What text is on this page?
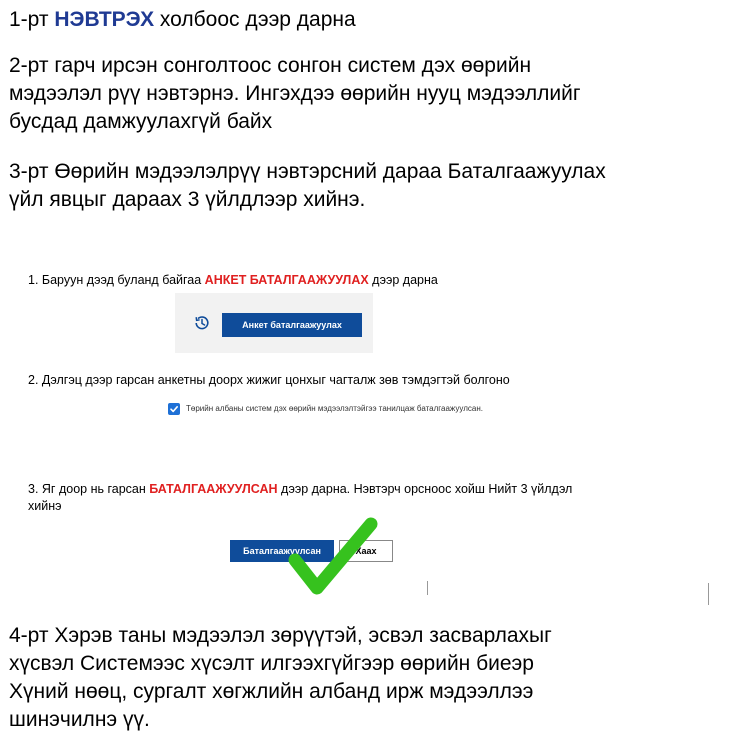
1-рт НЭВТРЭХ холбоос дээр дарна
2-рт гарч ирсэн сонголтоос сонгон систем дэх өөрийн
мэдээлэл рүү нэвтэрнэ. Ингэхдээ өөрийн нууц мэдээллийг
бусдад дамжуулахгүй байх
3-рт Өөрийн мэдээлэлрүү нэвтэрсний дараа Баталгаажуулах
үйл явцыг дараах 3 үйлдлээр хийнэ.
1. Баруун дээд буланд байгаа АНКЕТ БАТАЛГААЖУУЛАХ дээр дарна
Анкет баталгаажуулах
2. Дэлгэц дээр гарсан анкетны доорх жижиг цонхыг чагталж зөв тэмдэгтэй болгоно
Төрийн албаны систем дэх өөрийн мэдээлэлтэйгээ танилцаж баталгаажуулсан.
3. Яг доор нь гарсан БАТАЛГААЖУУЛСАН дээр дарна. Нэвтэрч орсноос хойш Нийт 3 үйлдэл
хийнэ
Баталгаажуулсан	Хаах
4-рт Хэрэв таны мэдээлэл зөрүүтэй, эсвэл засварлахыг
хүсвэл Системээс хүсэлт илгээхгүйгээр өөрийн биеэр
Хүний нөөц, сургалт хөгжлийн албанд ирж мэдээллээ
шинэчилнэ үү.
